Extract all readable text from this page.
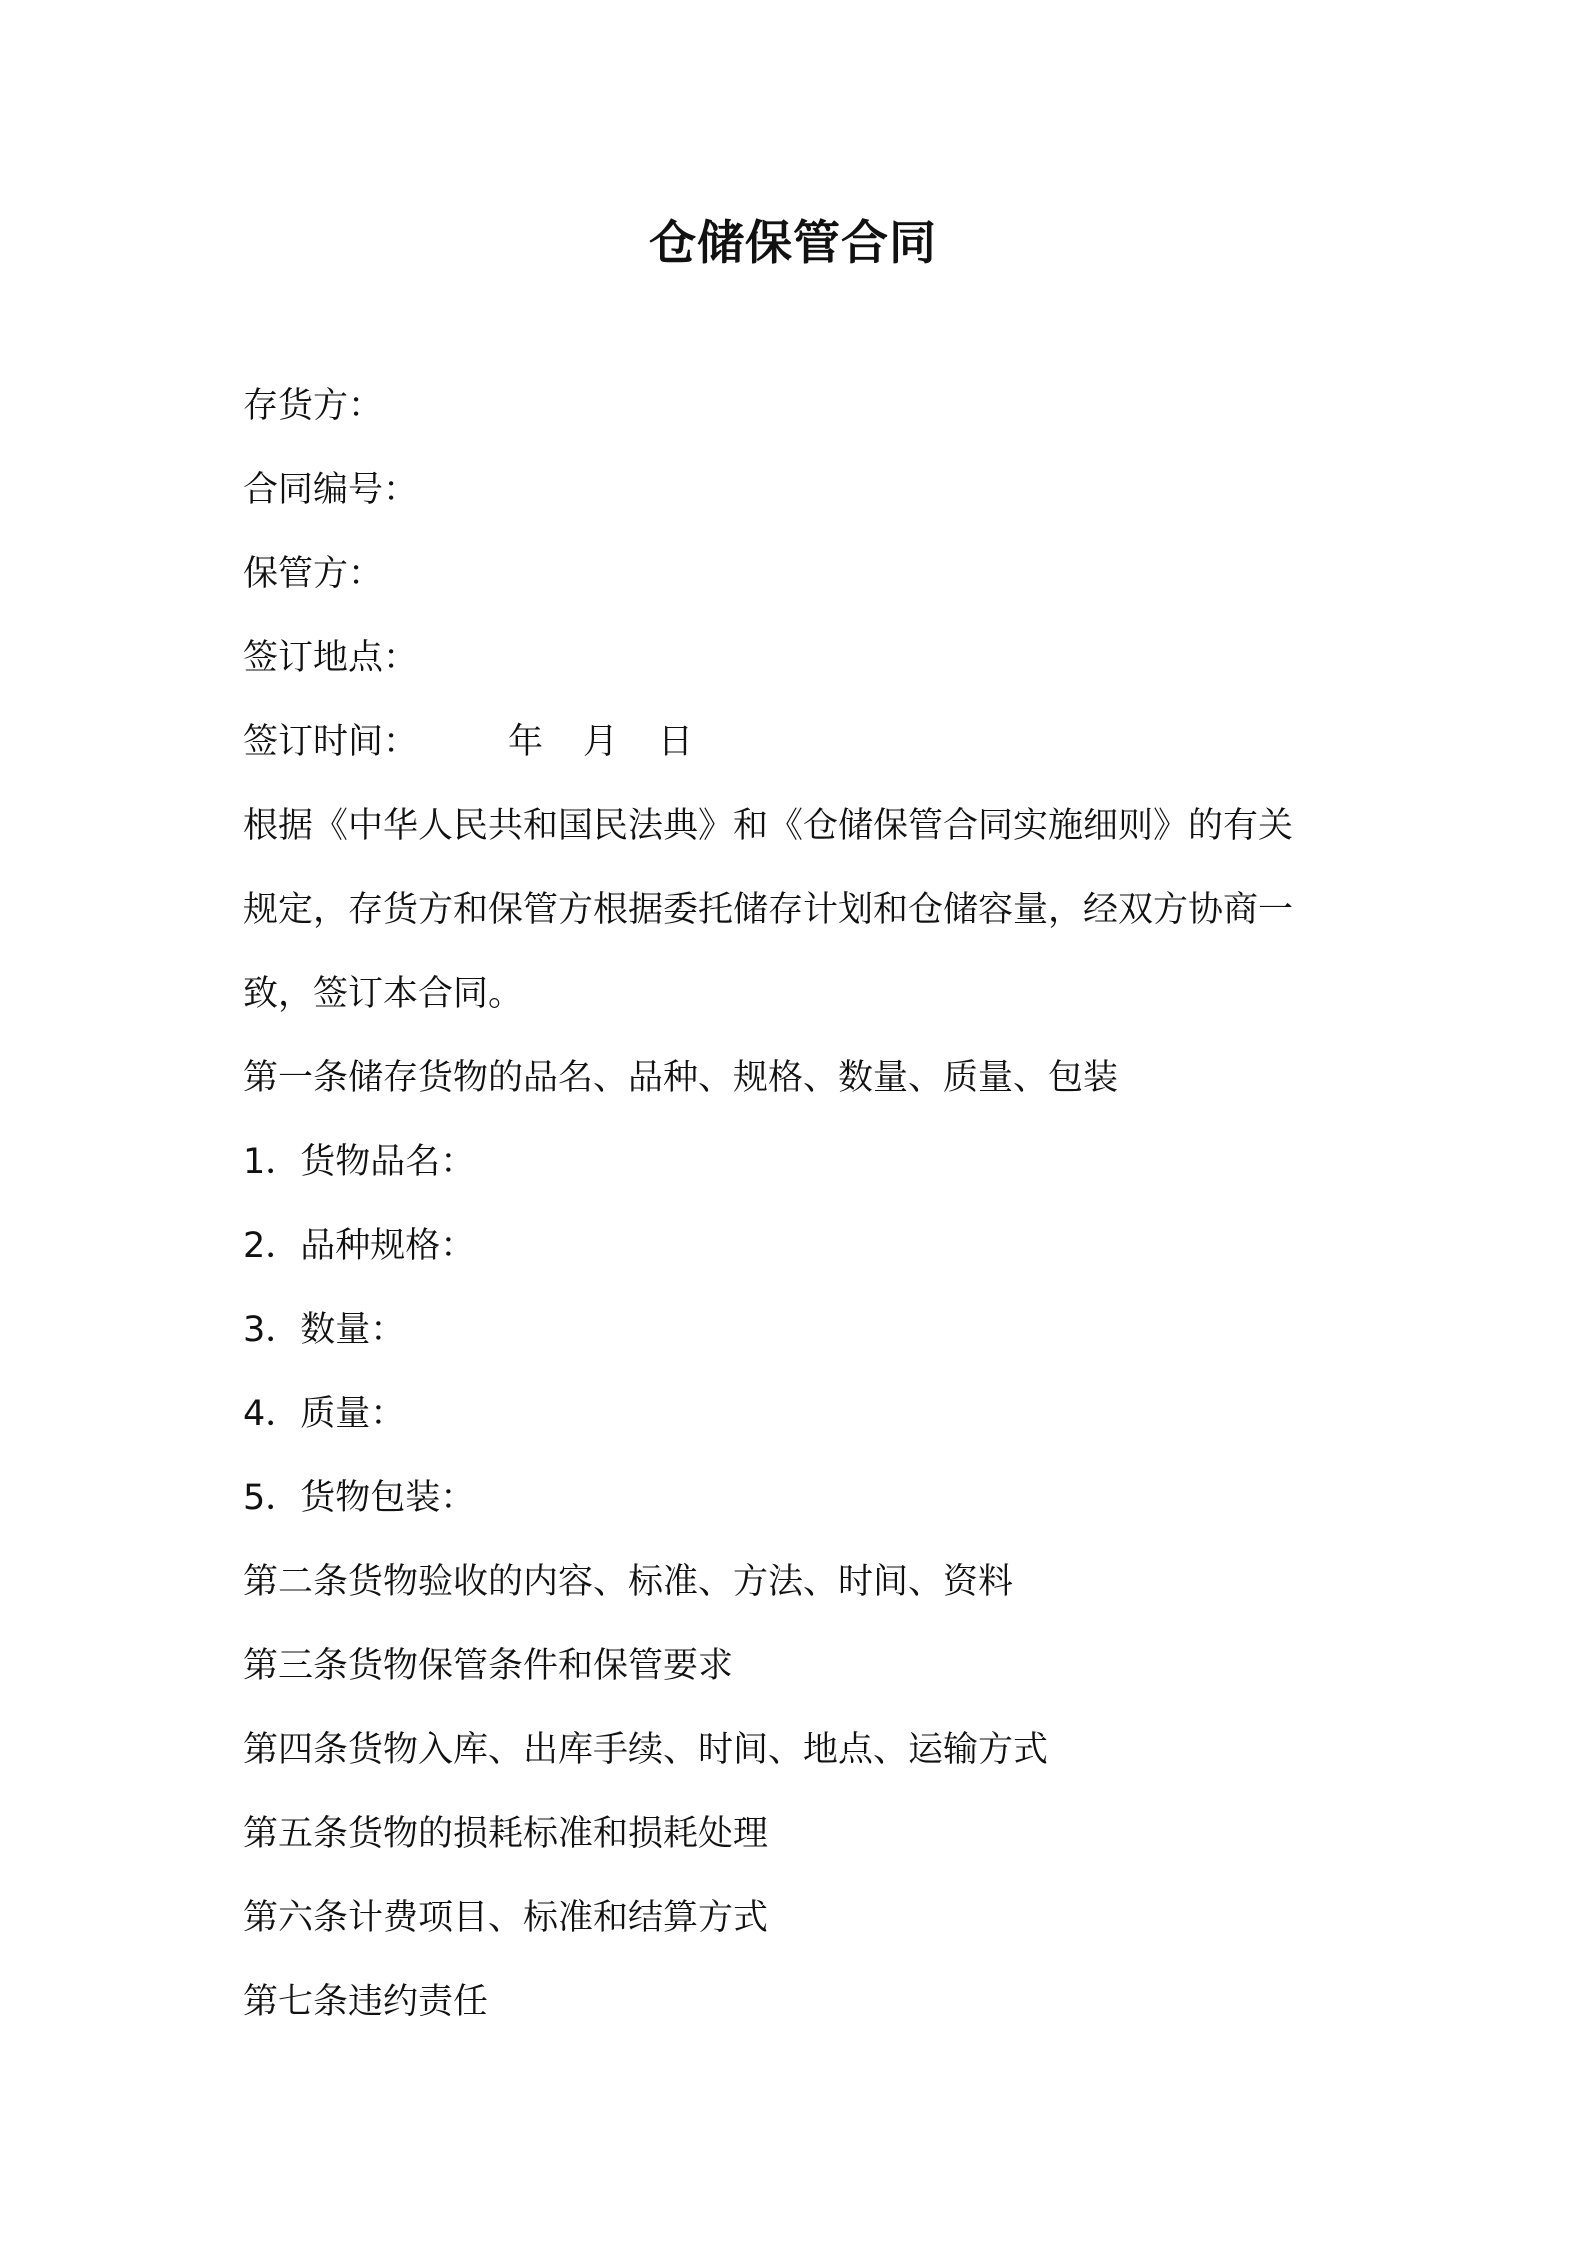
仓储保管合同
存货方：
合同编号：
保管方：
签订地点：
签订时间：	年 月 日
根据《中华人民共和国民法典》和《仓储保管合同实施细则》的有关
规定，存货方和保管方根据委托储存计划和仓储容量，经双方协商一
致，签订本合同。
第一条储存货物的品名、品种、规格、数量、质量、包装
1．货物品名：
2．品种规格：
3．数量：
4．质量：
5．货物包装：
第二条货物验收的内容、标准、方法、时间、资料
第三条货物保管条件和保管要求
第四条货物入库、出库手续、时间、地点、运输方式
第五条货物的损耗标准和损耗处理
第六条计费项目、标准和结算方式
第七条违约责任
